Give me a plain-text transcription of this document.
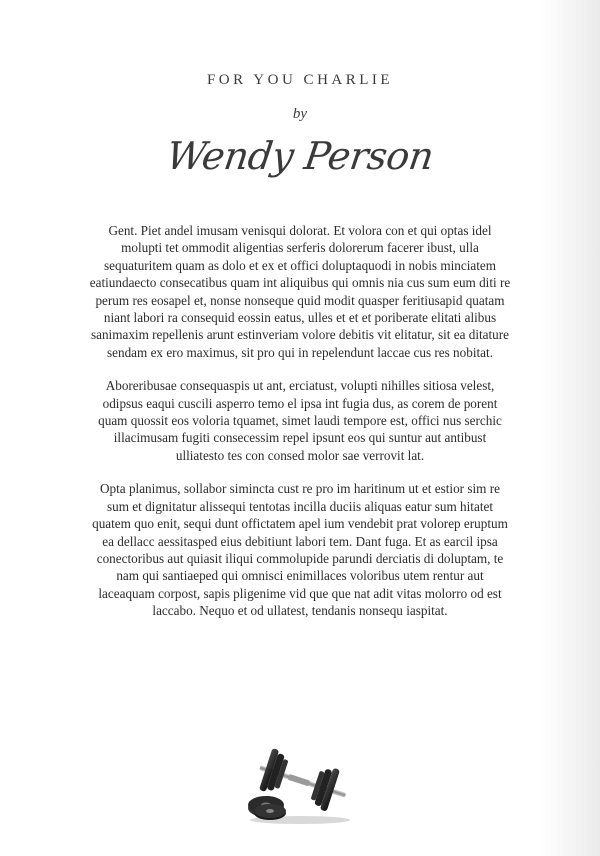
FOR YOU CHARLIE
by
Wendy Person

Gent. Piet andel imusam venisqui dolorat. Et volora con et qui optas idel molupti tet ommodit aligentias serferis dolorerum facerer ibust, ulla sequaturitem quam as dolo et ex et offici doluptaquodi in nobis minciatem eatiundaecto consecatibus quam int aliquibus qui omnis nia cus sum eum diti re perum res eosapel et, nonse nonseque quid modit quasper feritiusapid quatam niant labori ra consequid eossin eatus, ulles et et et poriberate elitati alibus sanimaxim repellenis arunt estinveriam volore debitis vit elitatur, sit ea ditature sendam ex ero maximus, sit pro qui in repelendunt laccae cus res nobitat.

Aboreribusae consequaspis ut ant, erciatust, volupti nihilles sitiosa velest, odipsus eaqui cuscili asperro temo el ipsa int fugia dus, as corem de porent quam quossit eos voloria tquamet, simet laudi tempore est, offici nus serchic illacimusam fugiti consecessim repel ipsunt eos qui suntur aut antibust ulliatesto tes con consed molor sae verrovit lat.

Opta planimus, sollabor simincta cust re pro im haritinum ut et estior sim re sum et dignitatur alissequi tentotas incilla duciis aliquas eatur sum hitatet quatem quo enit, sequi dunt offictatem apel ium vendebit prat volorep eruptum ea dellacc aessitasped eius debitiunt labori tem. Dant fuga. Et as earcil ipsa conectoribus aut quiasit iliqui commolupide parundi derciatis di doluptam, te nam qui santiaeped qui omnisci enimillaces voloribus utem rentur aut laceaquam corpost, sapis pligenime vid que que nat adit vitas molorro od est laccabo. Nequo et od ullatest, tendanis nonsequ iaspitat.
